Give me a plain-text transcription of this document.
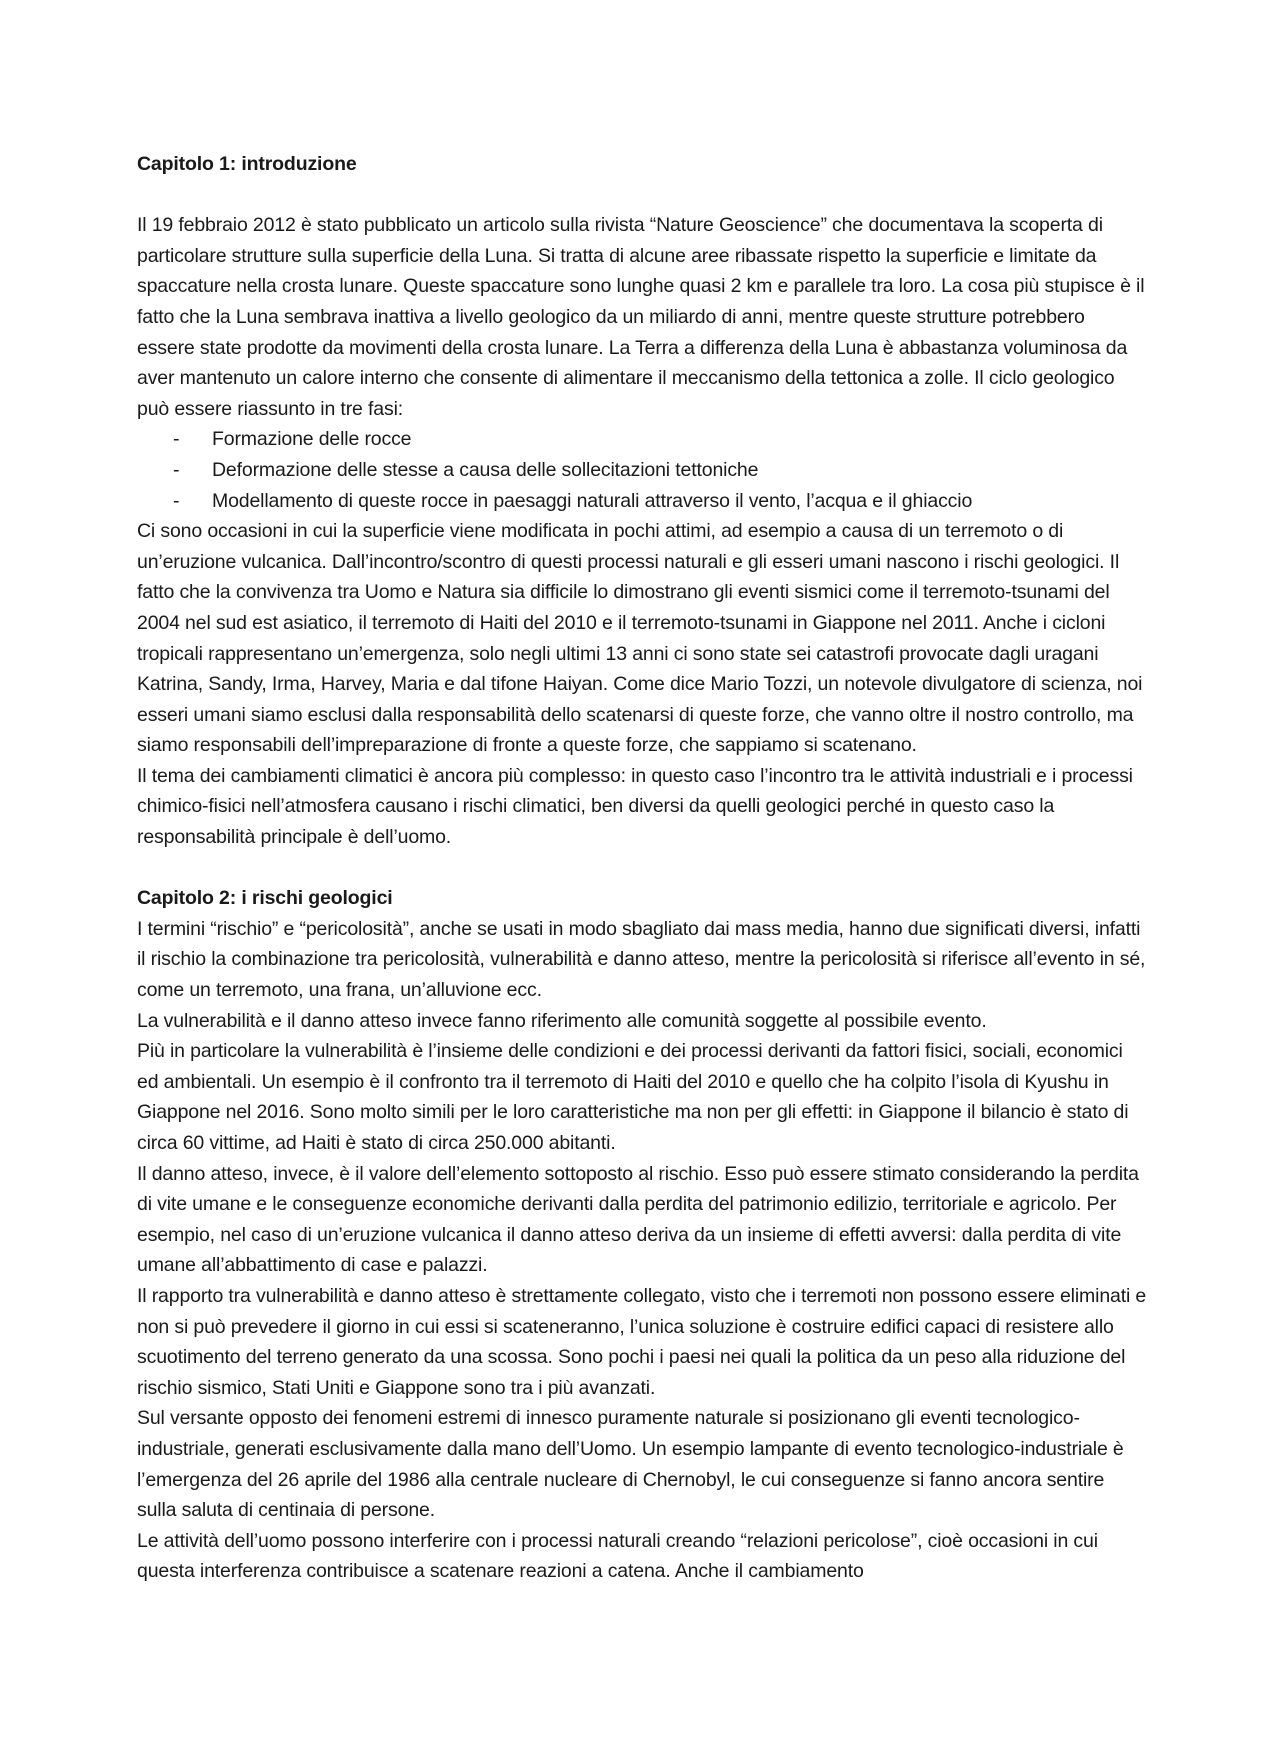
Capitolo 1: introduzione

Il 19 febbraio 2012 è stato pubblicato un articolo sulla rivista “Nature Geoscience” che documentava la scoperta di particolare strutture sulla superficie della Luna. Si tratta di alcune aree ribassate rispetto la superficie e limitate da spaccature nella crosta lunare. Queste spaccature sono lunghe quasi 2 km e parallele tra loro. La cosa più stupisce è il fatto che la Luna sembrava inattiva a livello geologico da un miliardo di anni, mentre queste strutture potrebbero essere state prodotte da movimenti della crosta lunare. La Terra a differenza della Luna è abbastanza voluminosa da aver mantenuto un calore interno che consente di alimentare il meccanismo della tettonica a zolle. Il ciclo geologico può essere riassunto in tre fasi:

- Formazione delle rocce
- Deformazione delle stesse a causa delle sollecitazioni tettoniche
- Modellamento di queste rocce in paesaggi naturali attraverso il vento, l’acqua e il ghiaccio

Ci sono occasioni in cui la superficie viene modificata in pochi attimi, ad esempio a causa di un terremoto o di un’eruzione vulcanica. Dall’incontro/scontro di questi processi naturali e gli esseri umani nascono i rischi geologici. Il fatto che la convivenza tra Uomo e Natura sia difficile lo dimostrano gli eventi sismici come il terremoto-tsunami del 2004 nel sud est asiatico, il terremoto di Haiti del 2010 e il terremoto-tsunami in Giappone nel 2011. Anche i cicloni tropicali rappresentano un’emergenza, solo negli ultimi 13 anni ci sono state sei catastrofi provocate dagli uragani Katrina, Sandy, Irma, Harvey, Maria e dal tifone Haiyan. Come dice Mario Tozzi, un notevole divulgatore di scienza, noi esseri umani siamo esclusi dalla responsabilità dello scatenarsi di queste forze, che vanno oltre il nostro controllo, ma siamo responsabili dell’impreparazione di fronte a queste forze, che sappiamo si scatenano.

Il tema dei cambiamenti climatici è ancora più complesso: in questo caso l’incontro tra le attività industriali e i processi chimico-fisici nell’atmosfera causano i rischi climatici, ben diversi da quelli geologici perché in questo caso la responsabilità principale è dell’uomo.

Capitolo 2: i rischi geologici

I termini “rischio” e “pericolosità”, anche se usati in modo sbagliato dai mass media, hanno due significati diversi, infatti il rischio la combinazione tra pericolosità, vulnerabilità e danno atteso, mentre la pericolosità si riferisce all’evento in sé, come un terremoto, una frana, un’alluvione ecc.

La vulnerabilità e il danno atteso invece fanno riferimento alle comunità soggette al possibile evento.

Più in particolare la vulnerabilità è l’insieme delle condizioni e dei processi derivanti da fattori fisici, sociali, economici ed ambientali. Un esempio è il confronto tra il terremoto di Haiti del 2010 e quello che ha colpito l’isola di Kyushu in Giappone nel 2016. Sono molto simili per le loro caratteristiche ma non per gli effetti: in Giappone il bilancio è stato di circa 60 vittime, ad Haiti è stato di circa 250.000 abitanti.

Il danno atteso, invece, è il valore dell’elemento sottoposto al rischio. Esso può essere stimato considerando la perdita di vite umane e le conseguenze economiche derivanti dalla perdita del patrimonio edilizio, territoriale e agricolo. Per esempio, nel caso di un’eruzione vulcanica il danno atteso deriva da un insieme di effetti avversi: dalla perdita di vite umane all’abbattimento di case e palazzi.

Il rapporto tra vulnerabilità e danno atteso è strettamente collegato, visto che i terremoti non possono essere eliminati e non si può prevedere il giorno in cui essi si scateneranno, l’unica soluzione è costruire edifici capaci di resistere allo scuotimento del terreno generato da una scossa. Sono pochi i paesi nei quali la politica da un peso alla riduzione del rischio sismico, Stati Uniti e Giappone sono tra i più avanzati.

Sul versante opposto dei fenomeni estremi di innesco puramente naturale si posizionano gli eventi tecnologico-industriale, generati esclusivamente dalla mano dell’Uomo. Un esempio lampante di evento tecnologico-industriale è l’emergenza del 26 aprile del 1986 alla centrale nucleare di Chernobyl, le cui conseguenze si fanno ancora sentire sulla saluta di centinaia di persone.

Le attività dell’uomo possono interferire con i processi naturali creando “relazioni pericolose”, cioè occasioni in cui questa interferenza contribuisce a scatenare reazioni a catena. Anche il cambiamento
